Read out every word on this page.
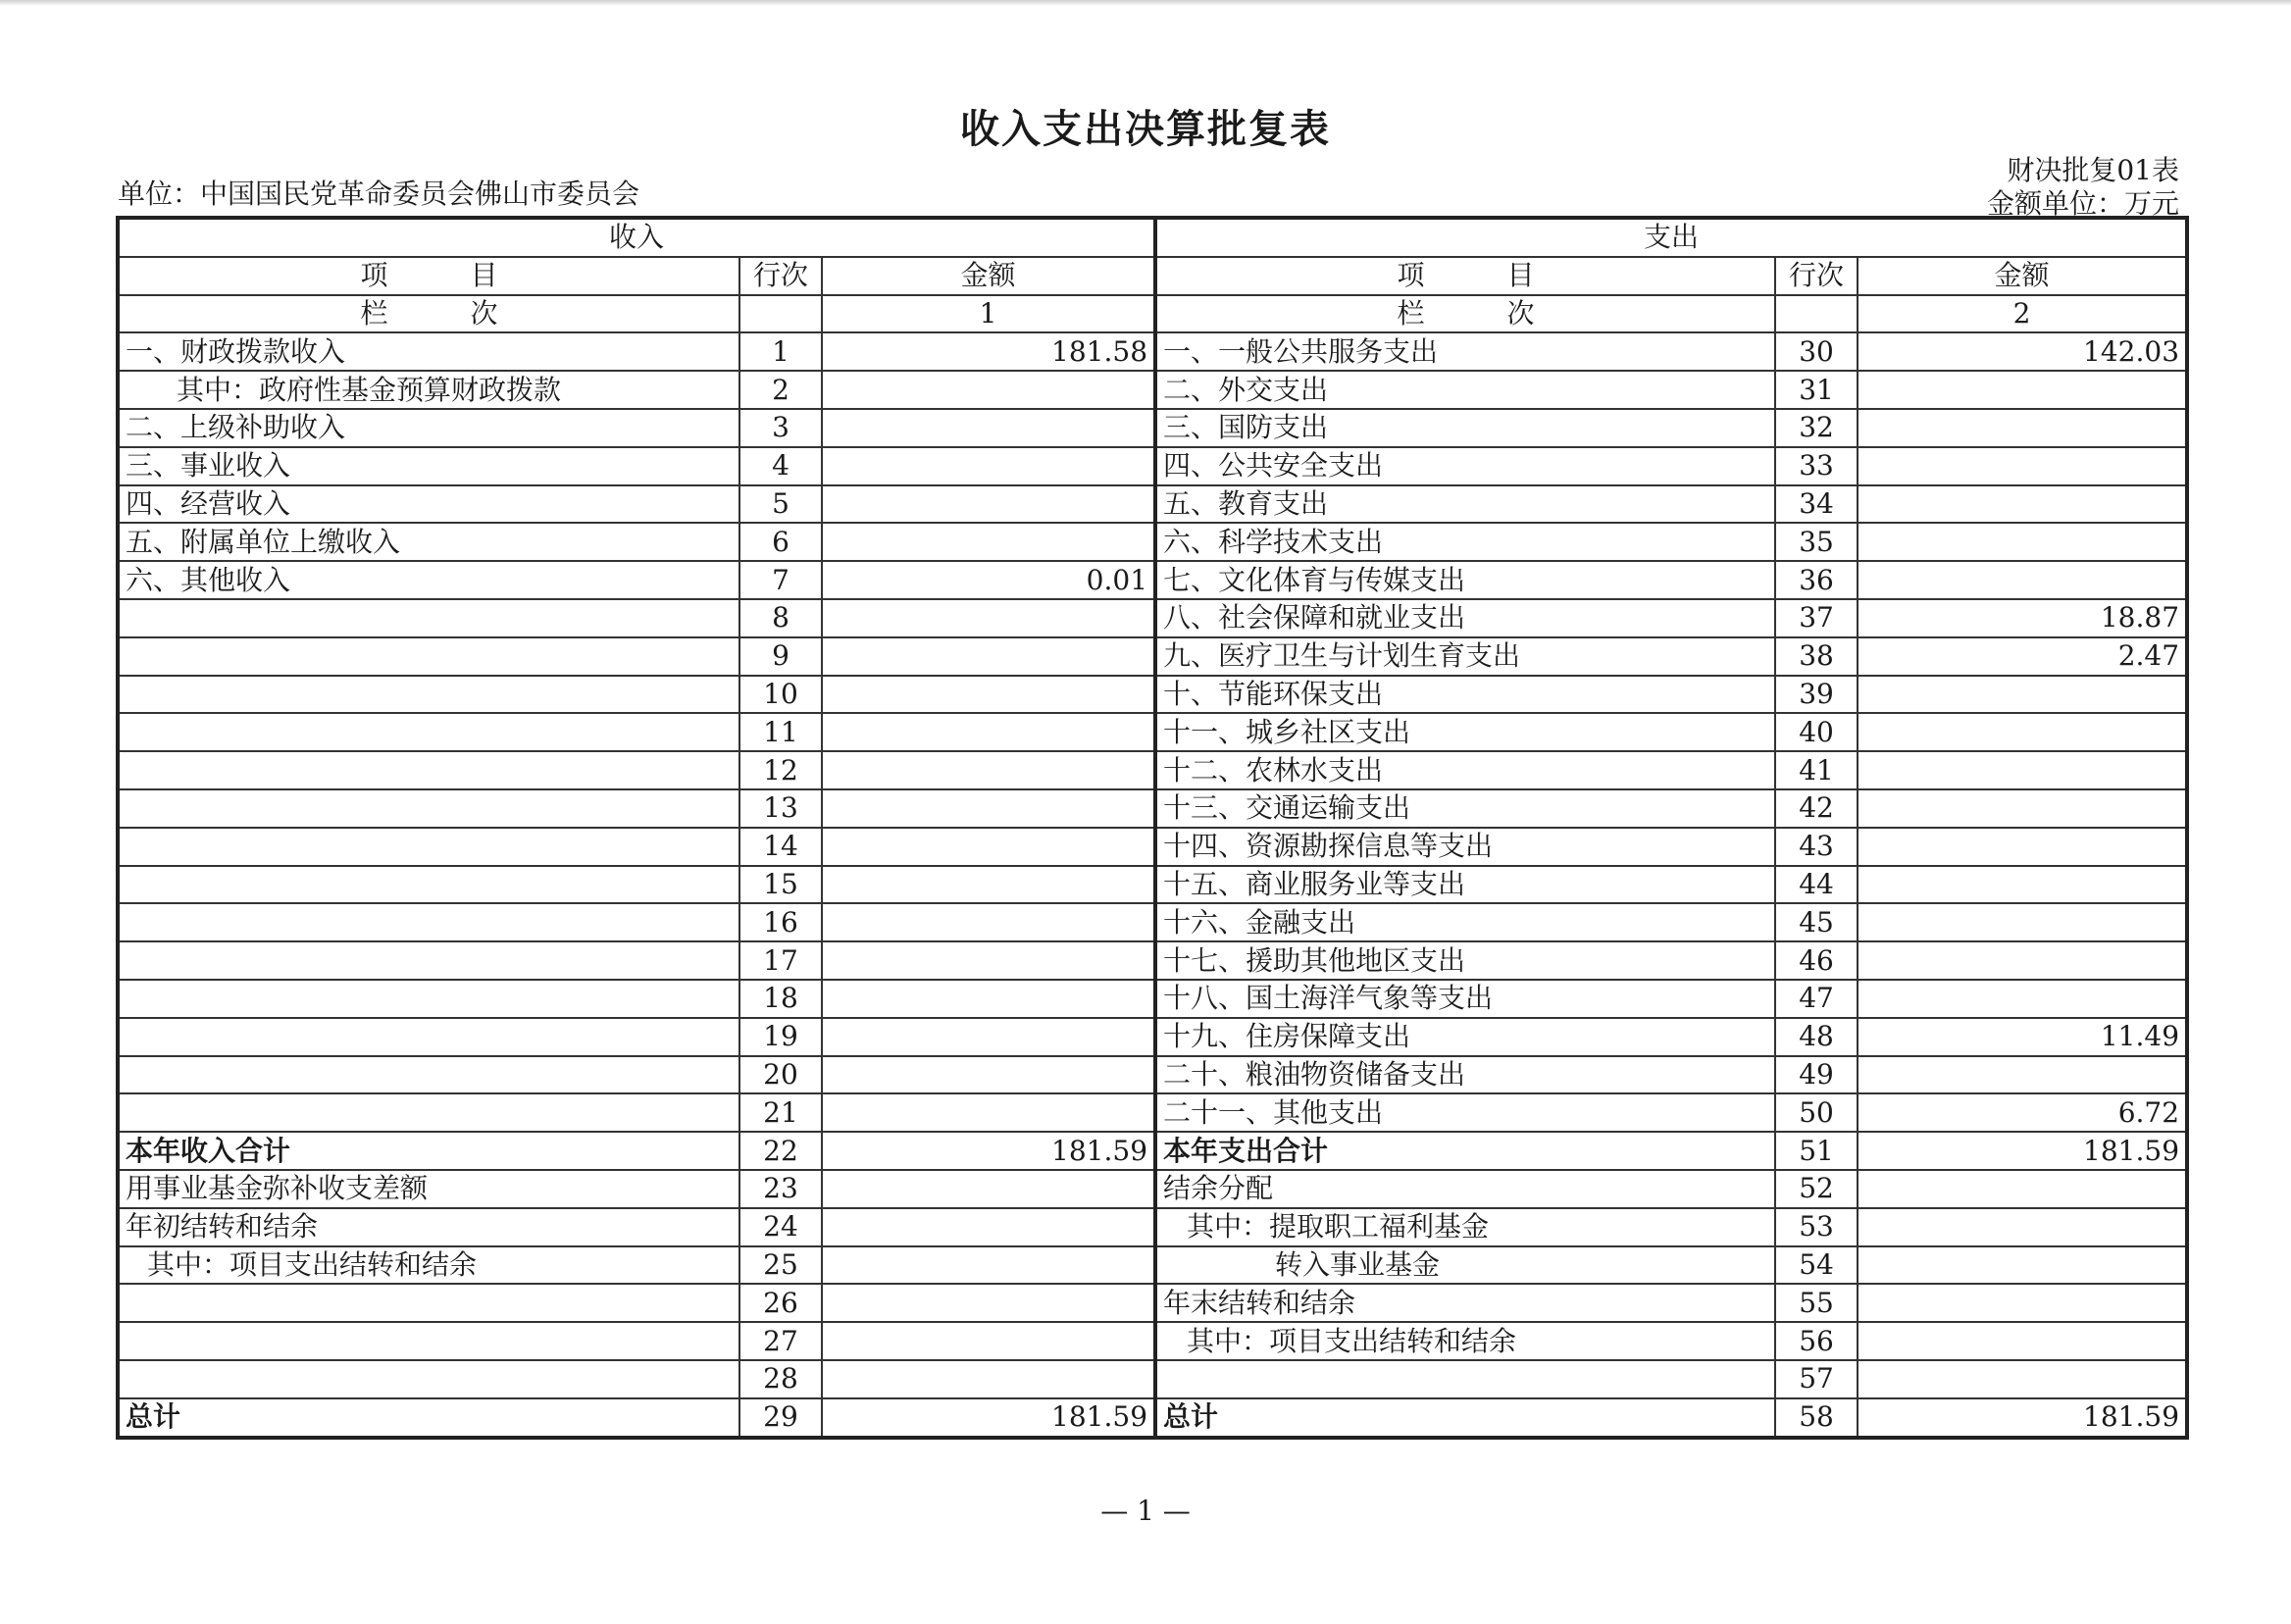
收入支出决算批复表
单位：中国国民党革命委员会佛山市委员会
财决批复01表
金额单位：万元
收入			支出		
项　　　目	行次	金额	项　　　目	行次	金额
栏　　　次		1	栏　　　次		2
一、财政拨款收入	1	181.58	一、一般公共服务支出	30	142.03
其中：政府性基金预算财政拨款	2		二、外交支出	31	
二、上级补助收入	3		三、国防支出	32	
三、事业收入	4		四、公共安全支出	33	
四、经营收入	5		五、教育支出	34	
五、附属单位上缴收入	6		六、科学技术支出	35	
六、其他收入	7	0.01	七、文化体育与传媒支出	36	
	8		八、社会保障和就业支出	37	18.87
	9		九、医疗卫生与计划生育支出	38	2.47
	10		十、节能环保支出	39	
	11		十一、城乡社区支出	40	
	12		十二、农林水支出	41	
	13		十三、交通运输支出	42	
	14		十四、资源勘探信息等支出	43	
	15		十五、商业服务业等支出	44	
	16		十六、金融支出	45	
	17		十七、援助其他地区支出	46	
	18		十八、国土海洋气象等支出	47	
	19		十九、住房保障支出	48	11.49
	20		二十、粮油物资储备支出	49	
	21		二十一、其他支出	50	6.72
本年收入合计	22	181.59	本年支出合计	51	181.59
用事业基金弥补收支差额	23		结余分配	52	
年初结转和结余	24		其中：提取职工福利基金	53	
其中：项目支出结转和结余	25		转入事业基金	54	
	26		年末结转和结余	55	
	27		其中：项目支出结转和结余	56	
	28			57	
总计	29	181.59	总计	58	181.59
— 1 —
